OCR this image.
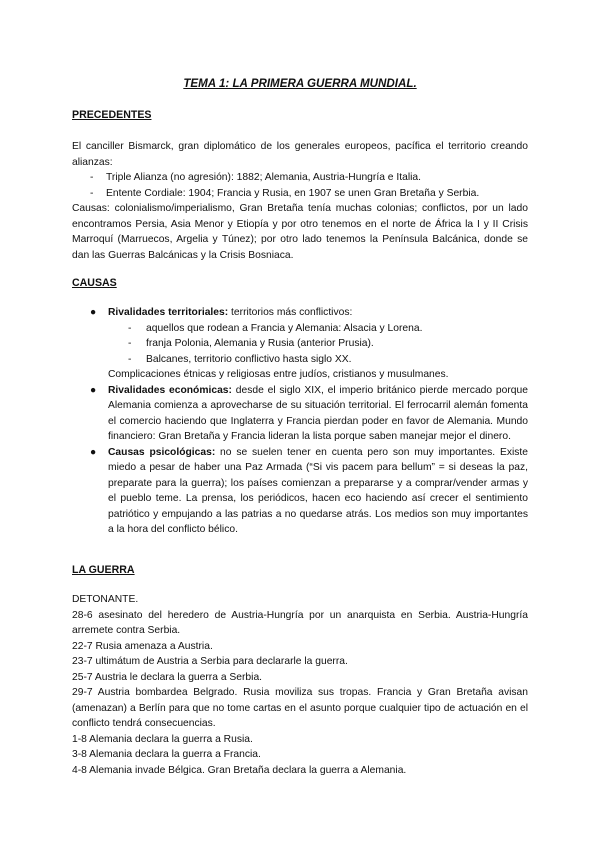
TEMA 1: LA PRIMERA GUERRA MUNDIAL.
PRECEDENTES

El canciller Bismarck, gran diplomático de los generales europeos, pacífica el territorio creando alianzas:

- Triple Alianza (no agresión): 1882; Alemania, Austria-Hungría e Italia.
- Entente Cordiale: 1904; Francia y Rusia, en 1907 se unen Gran Bretaña y Serbia.

Causas: colonialismo/imperialismo, Gran Bretaña tenía muchas colonias; conflictos, por un lado encontramos Persia, Asia Menor y Etiopía y por otro tenemos en el norte de África la I y II Crisis Marroquí (Marruecos, Argelia y Túnez); por otro lado tenemos la Península Balcánica, donde se dan las Guerras Balcánicas y la Crisis Bosniaca.

CAUSAS
● Rivalidades territoriales: territorios más conflictivos:
- aquellos que rodean a Francia y Alemania: Alsacia y Lorena.
- franja Polonia, Alemania y Rusia (anterior Prusia).
- Balcanes, territorio conflictivo hasta siglo XX.
Complicaciones étnicas y religiosas entre judíos, cristianos y musulmanes.
● Rivalidades económicas: desde el siglo XIX, el imperio británico pierde mercado porque Alemania comienza a aprovecharse de su situación territorial. El ferrocarril alemán fomenta el comercio haciendo que Inglaterra y Francia pierdan poder en favor de Alemania. Mundo financiero: Gran Bretaña y Francia lideran la lista porque saben manejar mejor el dinero.
● Causas psicológicas: no se suelen tener en cuenta pero son muy importantes. Existe miedo a pesar de haber una Paz Armada (“Si vis pacem para bellum” = si deseas la paz, preparate para la guerra); los países comienzan a prepararse y a comprar/vender armas y el pueblo teme. La prensa, los periódicos, hacen eco haciendo así crecer el sentimiento patriótico y empujando a las patrias a no quedarse atrás. Los medios son muy importantes a la hora del conflicto bélico.
LA GUERRA
DETONANTE.
28-6 asesinato del heredero de Austria-Hungría por un anarquista en Serbia. Austria-Hungría arremete contra Serbia.
22-7 Rusia amenaza a Austria.
23-7 ultimátum de Austria a Serbia para declararle la guerra.
25-7 Austria le declara la guerra a Serbia.
29-7 Austria bombardea Belgrado. Rusia moviliza sus tropas. Francia y Gran Bretaña avisan (amenazan) a Berlín para que no tome cartas en el asunto porque cualquier tipo de actuación en el conflicto tendrá consecuencias.
1-8 Alemania declara la guerra a Rusia.
3-8 Alemania declara la guerra a Francia.
4-8 Alemania invade Bélgica. Gran Bretaña declara la guerra a Alemania.
